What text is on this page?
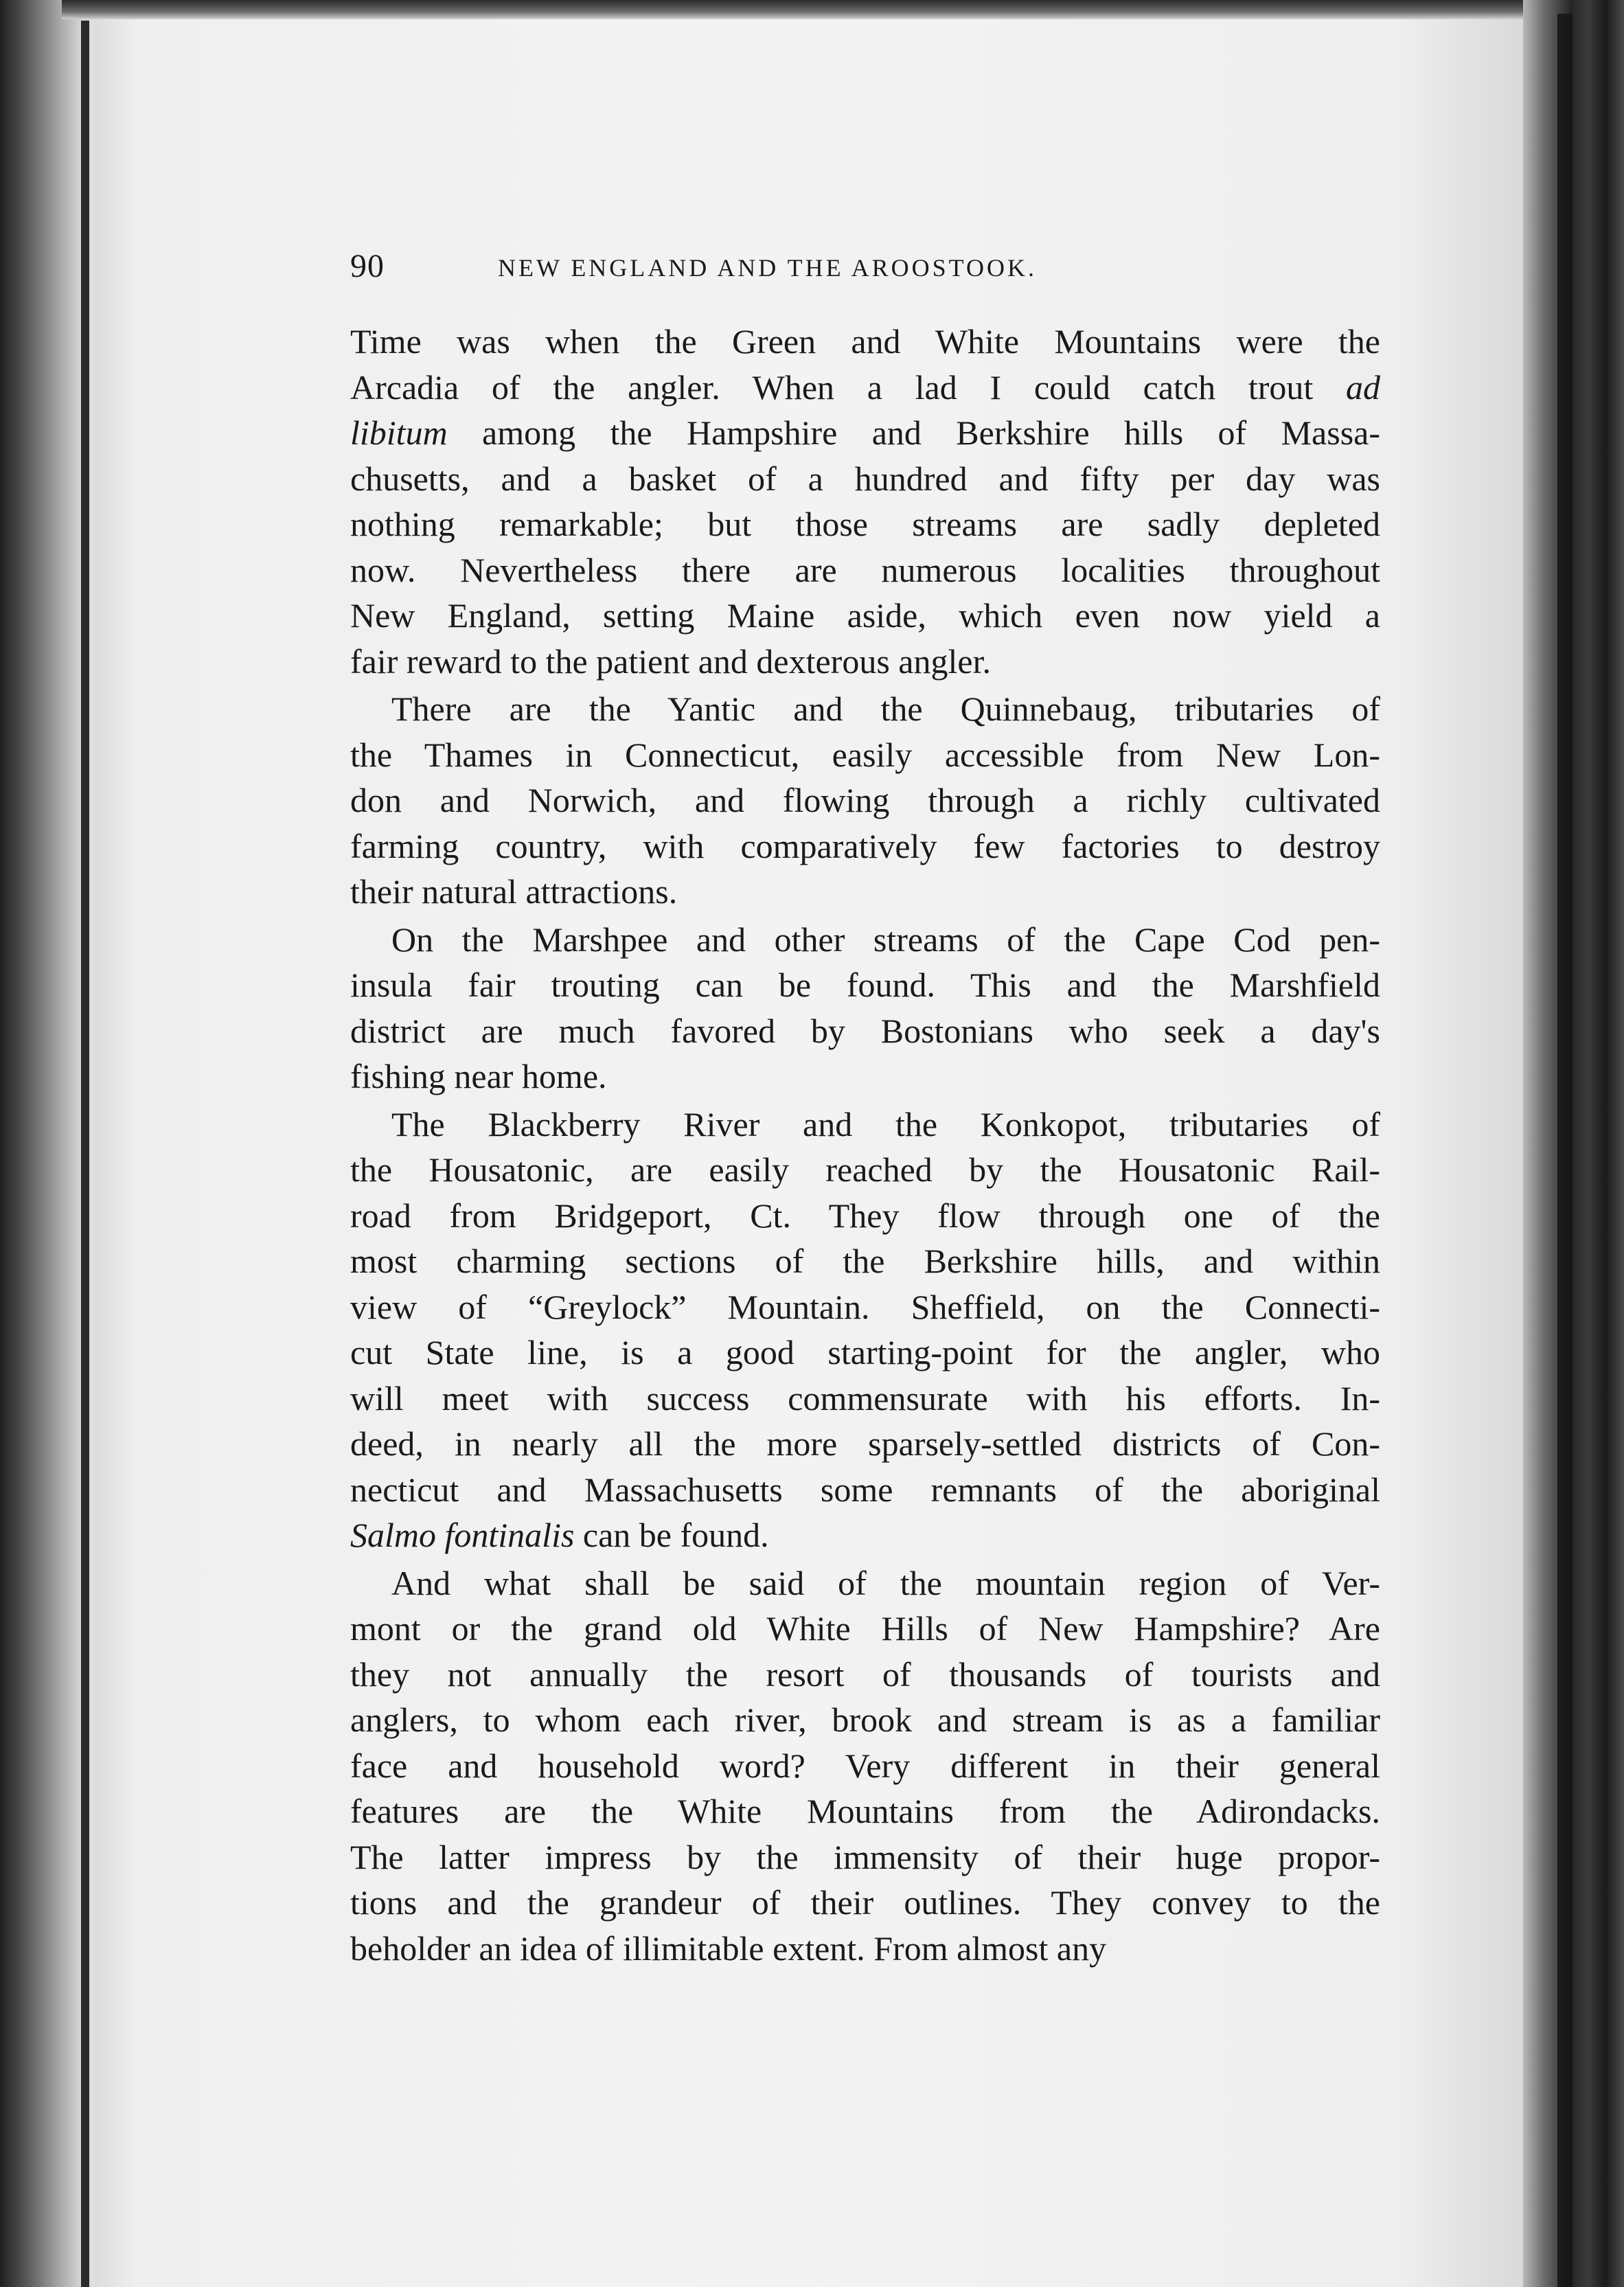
90	NEW ENGLAND AND THE AROOSTOOK.

Time was when the Green and White Mountains were the
Arcadia of the angler. When a lad I could catch trout ad
libitum among the Hampshire and Berkshire hills of Massa-
chusetts, and a basket of a hundred and fifty per day was
nothing remarkable; but those streams are sadly depleted
now. Nevertheless there are numerous localities throughout
New England, setting Maine aside, which even now yield a
fair reward to the patient and dexterous angler.

There are the Yantic and the Quinnebaug, tributaries of
the Thames in Connecticut, easily accessible from New Lon-
don and Norwich, and flowing through a richly cultivated
farming country, with comparatively few factories to destroy
their natural attractions.

On the Marshpee and other streams of the Cape Cod pen-
insula fair trouting can be found. This and the Marshfield
district are much favored by Bostonians who seek a day's
fishing near home.

The Blackberry River and the Konkopot, tributaries of
the Housatonic, are easily reached by the Housatonic Rail-
road from Bridgeport, Ct. They flow through one of the
most charming sections of the Berkshire hills, and within
view of “Greylock” Mountain. Sheffield, on the Connecti-
cut State line, is a good starting-point for the angler, who
will meet with success commensurate with his efforts. In-
deed, in nearly all the more sparsely-settled districts of Con-
necticut and Massachusetts some remnants of the aboriginal
Salmo fontinalis can be found.

And what shall be said of the mountain region of Ver-
mont or the grand old White Hills of New Hampshire? Are
they not annually the resort of thousands of tourists and
anglers, to whom each river, brook and stream is as a familiar
face and household word? Very different in their general
features are the White Mountains from the Adirondacks.
The latter impress by the immensity of their huge propor-
tions and the grandeur of their outlines. They convey to the
beholder an idea of illimitable extent. From almost any
